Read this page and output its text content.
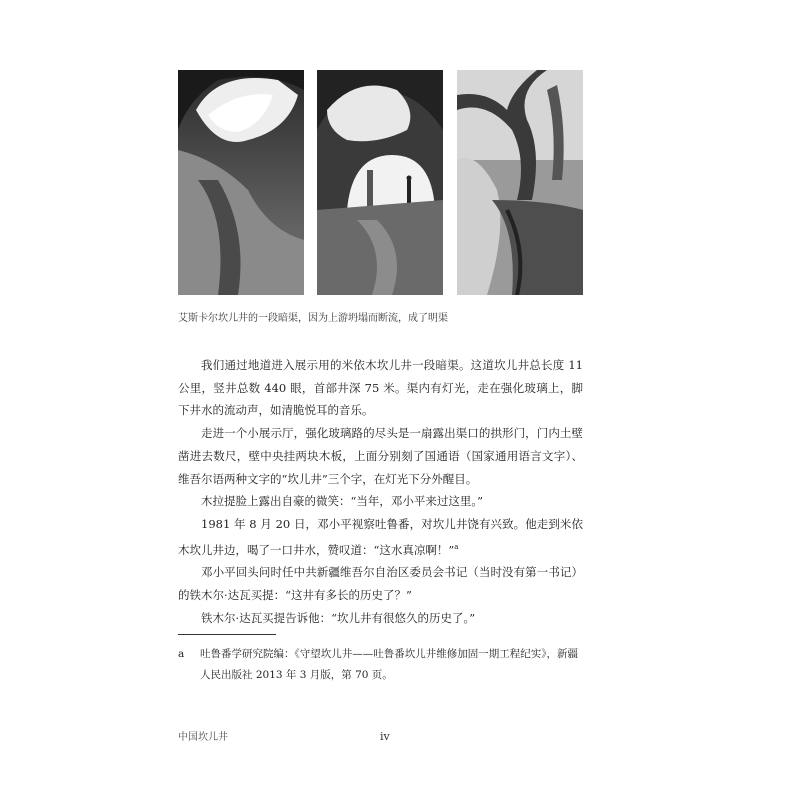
艾斯卡尔坎儿井的一段暗渠，因为上游坍塌而断流，成了明渠

我们通过地道进入展示用的米依木坎儿井一段暗渠。这道坎儿井总长度 11 公里，竖井总数 440 眼，首部井深 75 米。渠内有灯光，走在强化玻璃上，脚下井水的流动声，如清脆悦耳的音乐。

走进一个小展示厅，强化玻璃路的尽头是一扇露出渠口的拱形门，门内土壁凿进去数尺，壁中央挂两块木板，上面分别刻了国通语（国家通用语言文字）、维吾尔语两种文字的“坎儿井”三个字，在灯光下分外醒目。

木拉提脸上露出自豪的微笑：“当年，邓小平来过这里。”

1981 年 8 月 20 日，邓小平视察吐鲁番，对坎儿井饶有兴致。他走到米依木坎儿井边，喝了一口井水，赞叹道：“这水真凉啊！”$^a$

邓小平回头问时任中共新疆维吾尔自治区委员会书记（当时没有第一书记）的铁木尔·达瓦买提：“这井有多长的历史了？”

铁木尔·达瓦买提告诉他：“坎儿井有很悠久的历史了。”

a 吐鲁番学研究院编：《守望坎儿井——吐鲁番坎儿井维修加固一期工程纪实》，新疆人民出版社 2013 年 3 月版，第 70 页。
中国坎儿井	iv
